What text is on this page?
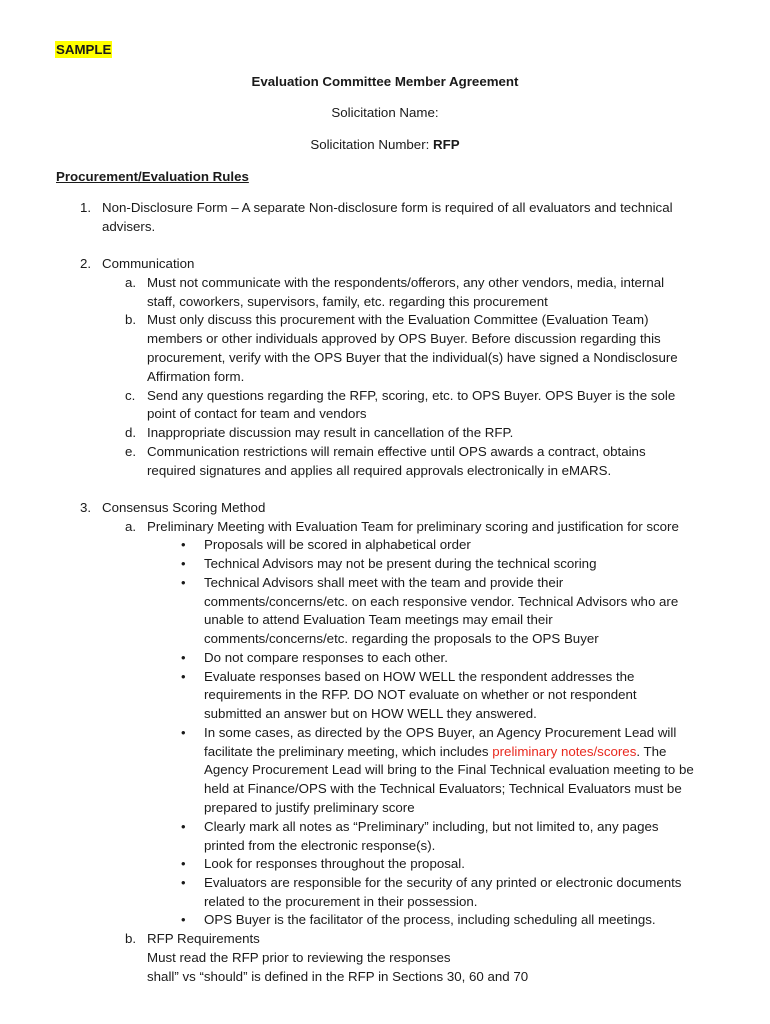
SAMPLE
Evaluation Committee Member Agreement
Solicitation Name:
Solicitation Number: RFP
Procurement/Evaluation Rules
1. Non-Disclosure Form – A separate Non-disclosure form is required of all evaluators and technical
advisers.
2. Communication
a. Must not communicate with the respondents/offerors, any other vendors, media, internal
staff, coworkers, supervisors, family, etc. regarding this procurement
b. Must only discuss this procurement with the Evaluation Committee (Evaluation Team)
members or other individuals approved by OPS Buyer. Before discussion regarding this
procurement, verify with the OPS Buyer that the individual(s) have signed a Nondisclosure
Affirmation form.
c. Send any questions regarding the RFP, scoring, etc. to OPS Buyer. OPS Buyer is the sole
point of contact for team and vendors
d. Inappropriate discussion may result in cancellation of the RFP.
e. Communication restrictions will remain effective until OPS awards a contract, obtains
required signatures and applies all required approvals electronically in eMARS.
3. Consensus Scoring Method
a. Preliminary Meeting with Evaluation Team for preliminary scoring and justification for score
• Proposals will be scored in alphabetical order
• Technical Advisors may not be present during the technical scoring
• Technical Advisors shall meet with the team and provide their
comments/concerns/etc. on each responsive vendor. Technical Advisors who are
unable to attend Evaluation Team meetings may email their
comments/concerns/etc. regarding the proposals to the OPS Buyer
• Do not compare responses to each other.
• Evaluate responses based on HOW WELL the respondent addresses the
requirements in the RFP. DO NOT evaluate on whether or not respondent
submitted an answer but on HOW WELL they answered.
• In some cases, as directed by the OPS Buyer, an Agency Procurement Lead will
facilitate the preliminary meeting, which includes preliminary notes/scores. The
Agency Procurement Lead will bring to the Final Technical evaluation meeting to be
held at Finance/OPS with the Technical Evaluators; Technical Evaluators must be
prepared to justify preliminary score
• Clearly mark all notes as “Preliminary” including, but not limited to, any pages
printed from the electronic response(s).
• Look for responses throughout the proposal.
• Evaluators are responsible for the security of any printed or electronic documents
related to the procurement in their possession.
• OPS Buyer is the facilitator of the process, including scheduling all meetings.
b. RFP Requirements
Must read the RFP prior to reviewing the responses
shall” vs “should” is defined in the RFP in Sections 30, 60 and 70
